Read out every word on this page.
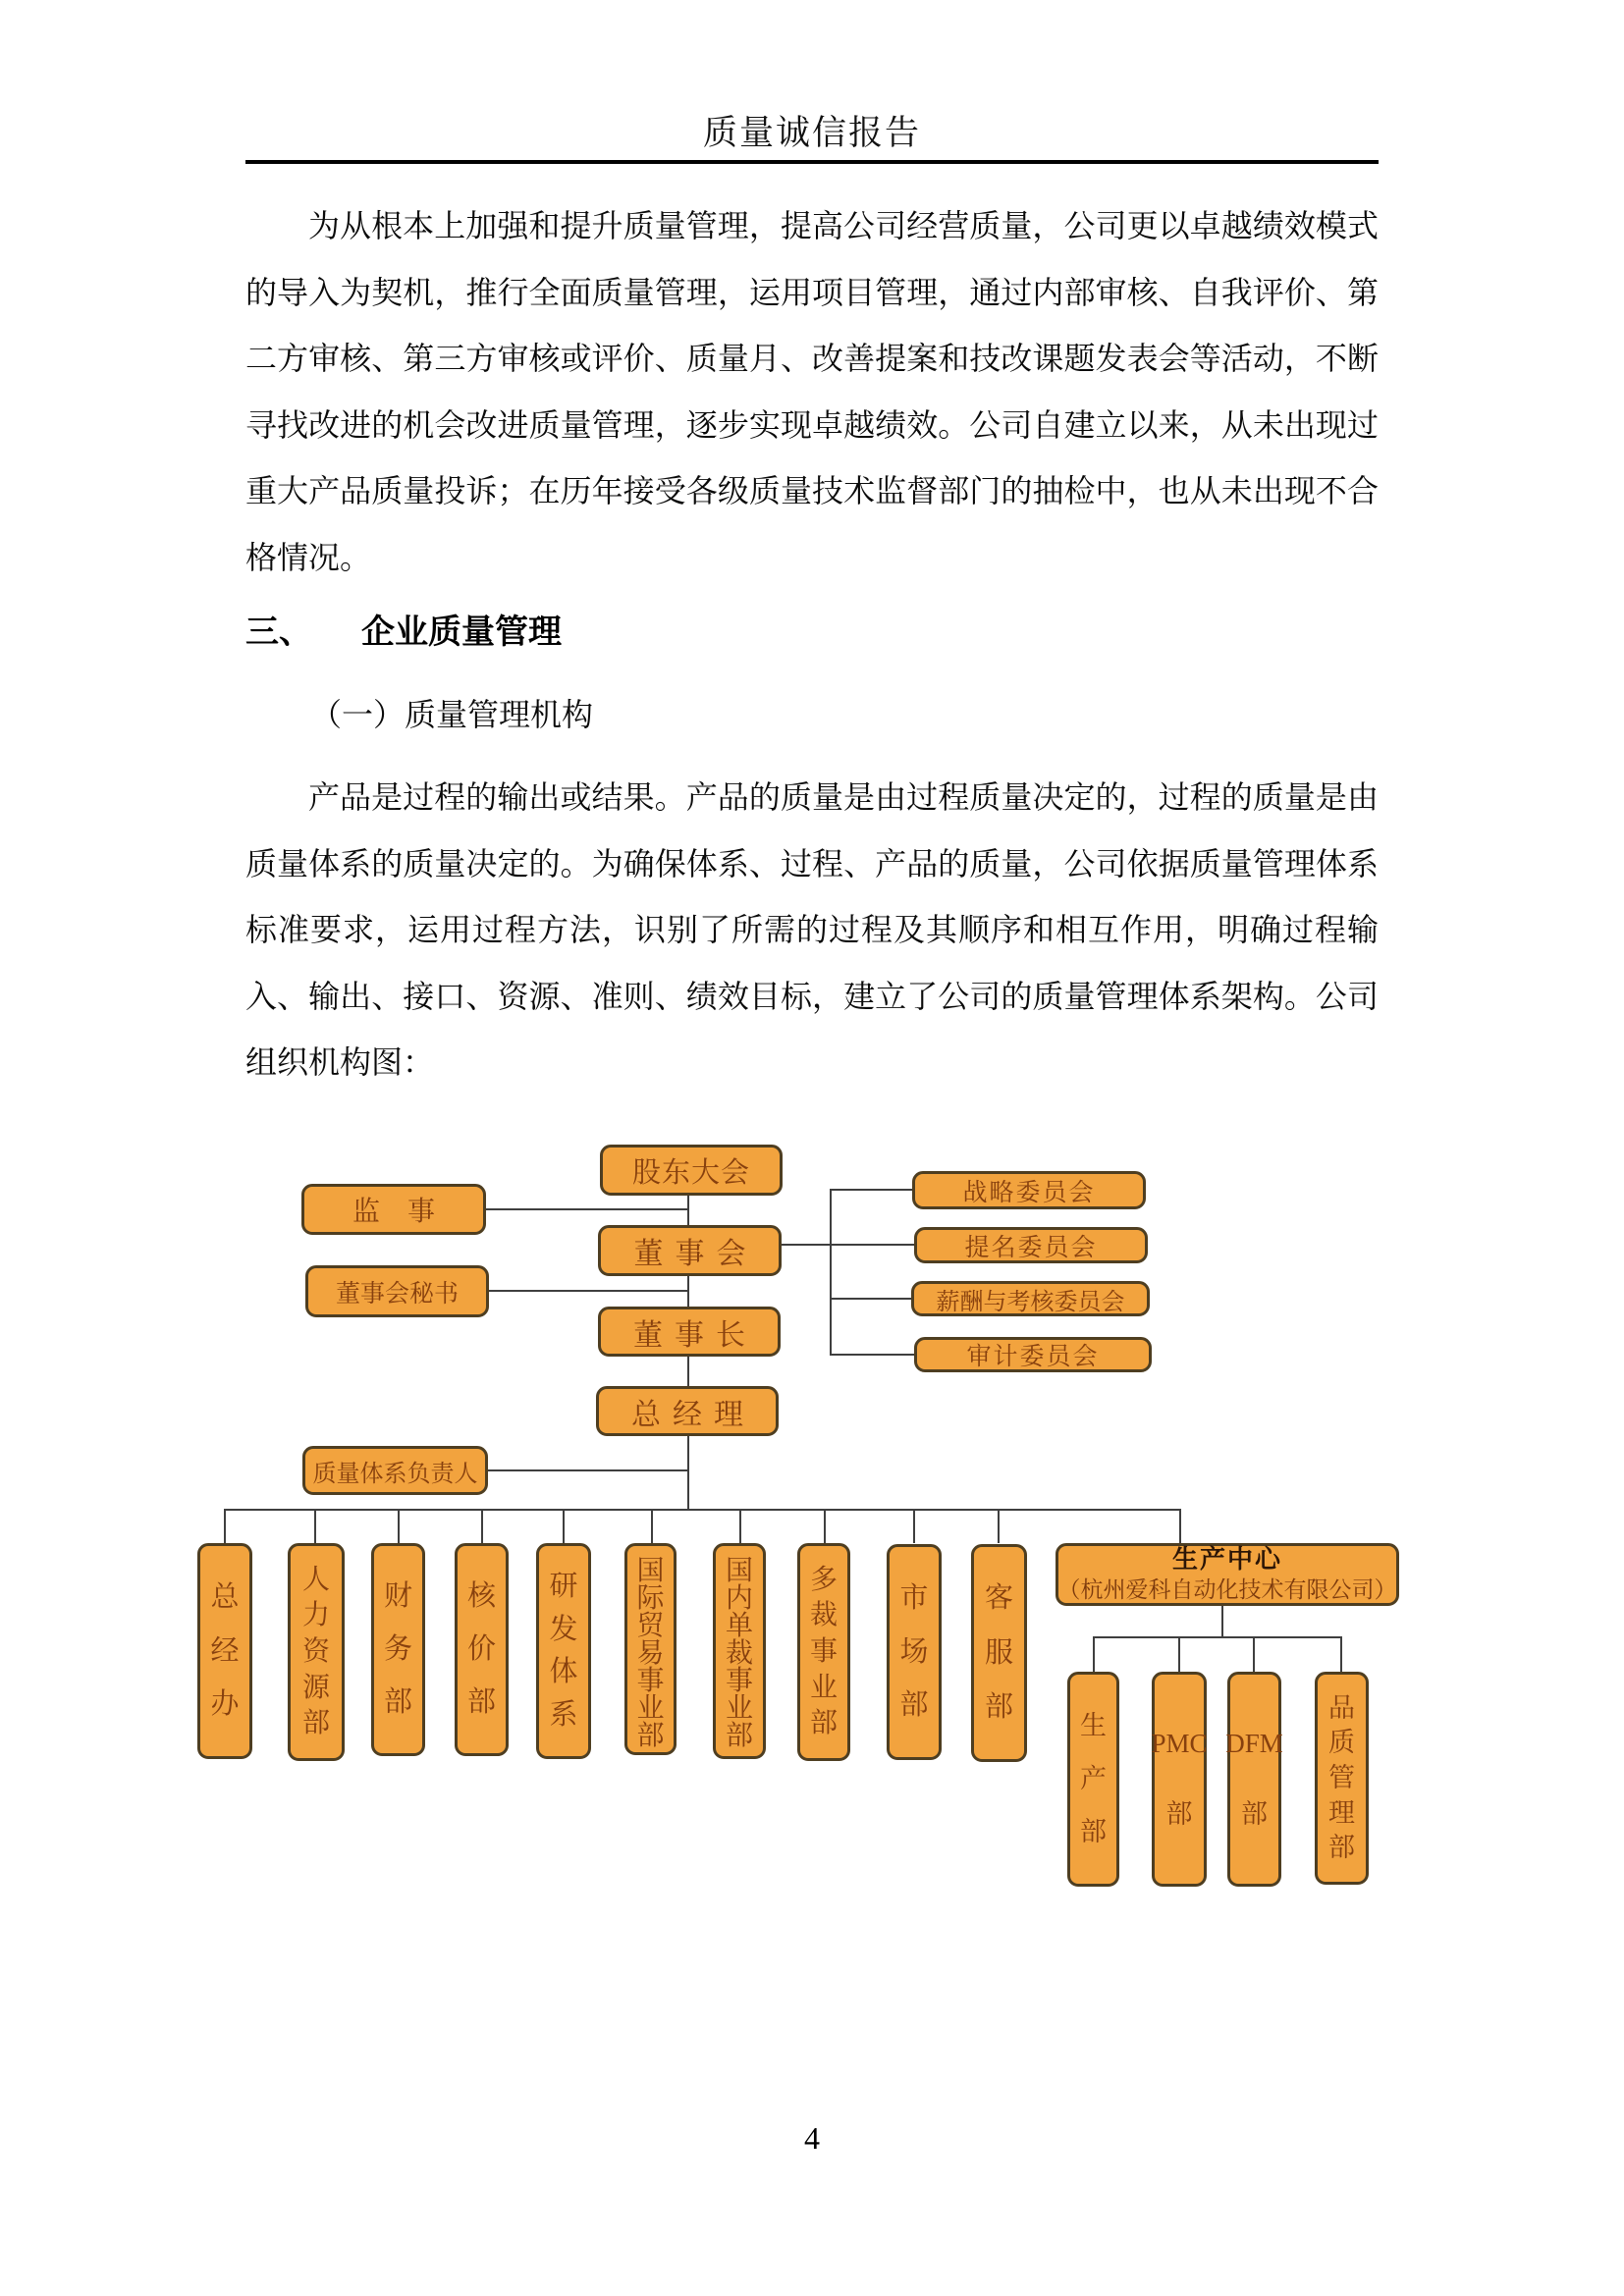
质量诚信报告
为从根本上加强和提升质量管理，提高公司经营质量，公司更以卓越绩效模式的导入为契机，推行全面质量管理，运用项目管理，通过内部审核、自我评价、第二方审核、第三方审核或评价、质量月、改善提案和技改课题发表会等活动，不断寻找改进的机会改进质量管理，逐步实现卓越绩效。公司自建立以来，从未出现过重大产品质量投诉；在历年接受各级质量技术监督部门的抽检中，也从未出现不合格情况。
三、 企业质量管理
（一）质量管理机构
产品是过程的输出或结果。产品的质量是由过程质量决定的，过程的质量是由质量体系的质量决定的。为确保体系、过程、产品的质量，公司依据质量管理体系标准要求，运用过程方法，识别了所需的过程及其顺序和相互作用，明确过程输入、输出、接口、资源、准则、绩效目标，建立了公司的质量管理体系架构。公司组织机构图：
股东大会
董事会
董事长
总经理
监　事
董事会秘书
质量体系负责人
战略委员会
提名委员会
薪酬与考核委员会
审计委员会
总
经
办
人
力
资
源
部
财
务
部
核
价
部
研
发
体
系
国
际
贸
易
事
业
部
国
内
单
裁
事
业
部
多
裁
事
业
部
市
场
部
客
服
部
生产中心
（杭州爱科自动化技术有限公司）
生
产
部
PMC
部
DFM
部
品
质
管
理
部
4
